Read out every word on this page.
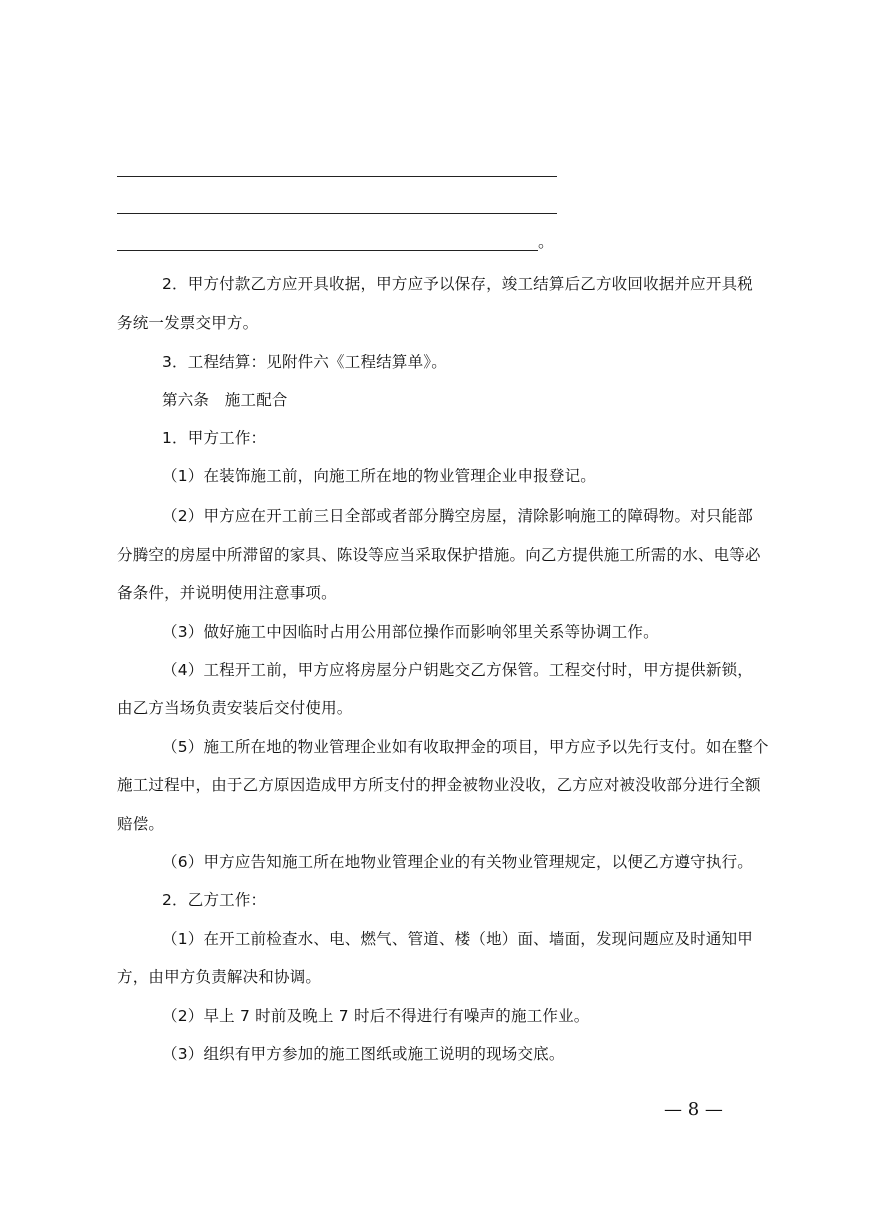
。
2．甲方付款乙方应开具收据，甲方应予以保存，竣工结算后乙方收回收据并应开具税
务统一发票交甲方。
3．工程结算：见附件六《工程结算单》。
第六条　施工配合
1．甲方工作：
（1）在装饰施工前，向施工所在地的物业管理企业申报登记。
（2）甲方应在开工前三日全部或者部分腾空房屋，清除影响施工的障碍物。对只能部
分腾空的房屋中所滞留的家具、陈设等应当采取保护措施。向乙方提供施工所需的水、电等必
备条件，并说明使用注意事项。
（3）做好施工中因临时占用公用部位操作而影响邻里关系等协调工作。
（4）工程开工前，甲方应将房屋分户钥匙交乙方保管。工程交付时，甲方提供新锁，
由乙方当场负责安装后交付使用。
（5）施工所在地的物业管理企业如有收取押金的项目，甲方应予以先行支付。如在整个
施工过程中，由于乙方原因造成甲方所支付的押金被物业没收，乙方应对被没收部分进行全额
赔偿。
（6）甲方应告知施工所在地物业管理企业的有关物业管理规定，以便乙方遵守执行。
2．乙方工作：
（1）在开工前检查水、电、燃气、管道、楼（地）面、墙面，发现问题应及时通知甲
方，由甲方负责解决和协调。
（2）早上 7 时前及晚上 7 时后不得进行有噪声的施工作业。
（3）组织有甲方参加的施工图纸或施工说明的现场交底。
— 8 —
